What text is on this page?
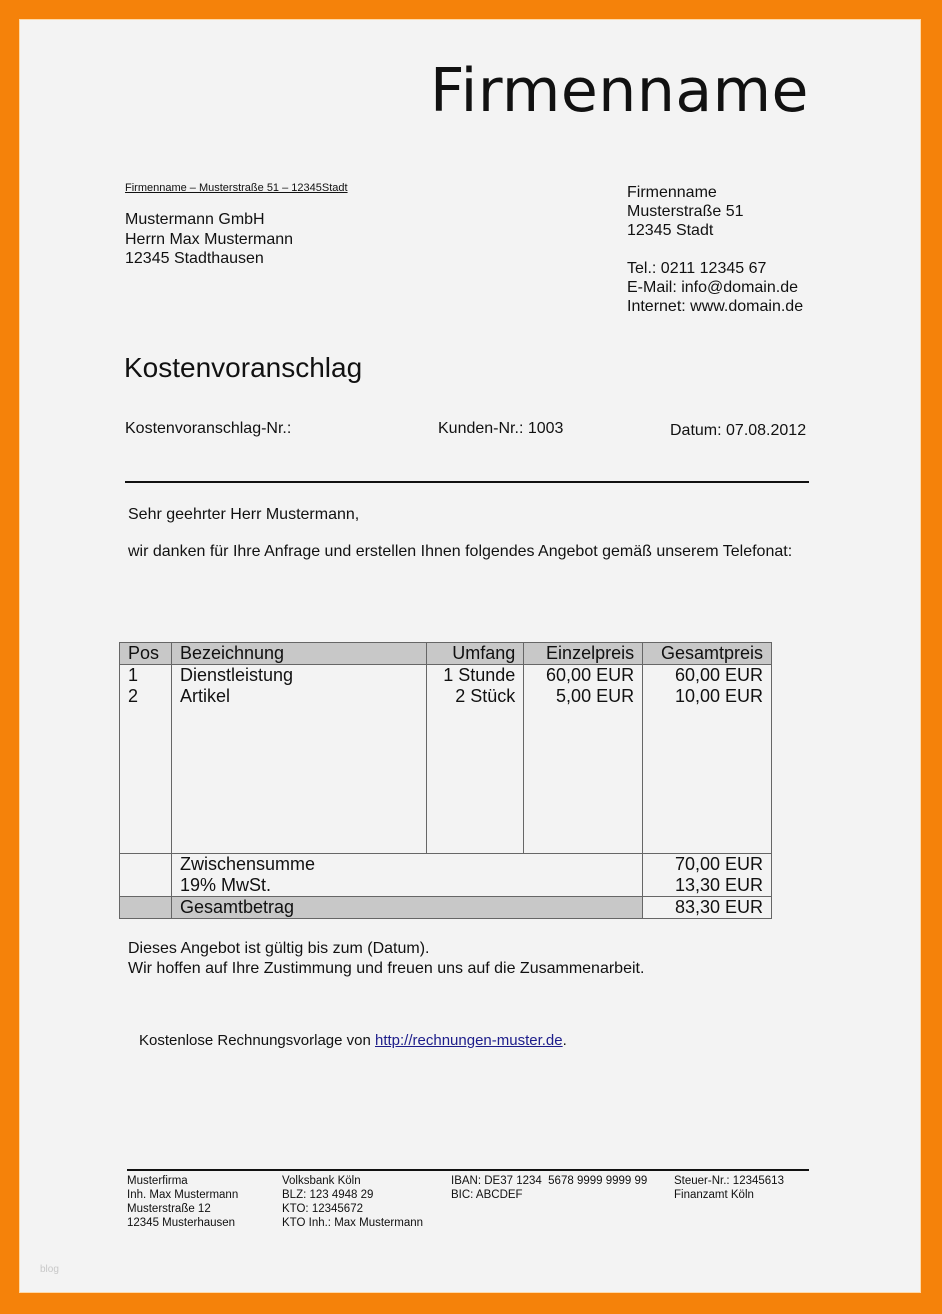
Firmenname
Firmenname – Musterstraße 51 – 12345Stadt
Mustermann GmbH
Herrn Max Mustermann
12345 Stadthausen
Firmenname
Musterstraße 51
12345 Stadt
Tel.: 0211 12345 67
E-Mail: info@domain.de
Internet: www.domain.de
Kostenvoranschlag
Kostenvoranschlag-Nr.:	Kunden-Nr.: 1003	Datum: 07.08.2012
Sehr geehrter Herr Mustermann,
wir danken für Ihre Anfrage und erstellen Ihnen folgendes Angebot gemäß unserem Telefonat:
Pos	Bezeichnung	Umfang	Einzelpreis	Gesamtpreis
1	Dienstleistung	1 Stunde	60,00 EUR	60,00 EUR
2	Artikel	2 Stück	5,00 EUR	10,00 EUR

	Zwischensumme			70,00 EUR
	19% MwSt.			13,30 EUR
	Gesamtbetrag			83,30 EUR
Dieses Angebot ist gültig bis zum (Datum).
Wir hoffen auf Ihre Zustimmung und freuen uns auf die Zusammenarbeit.
Kostenlose Rechnungsvorlage von http://rechnungen-muster.de.
Musterfirma
Inh. Max Mustermann
Musterstraße 12
12345 Musterhausen
Volksbank Köln
BLZ: 123 4948 29
KTO: 12345672
KTO Inh.: Max Mustermann
IBAN: DE37 1234  5678 9999 9999 99
BIC: ABCDEF
Steuer-Nr.: 12345613
Finanzamt Köln
blog
